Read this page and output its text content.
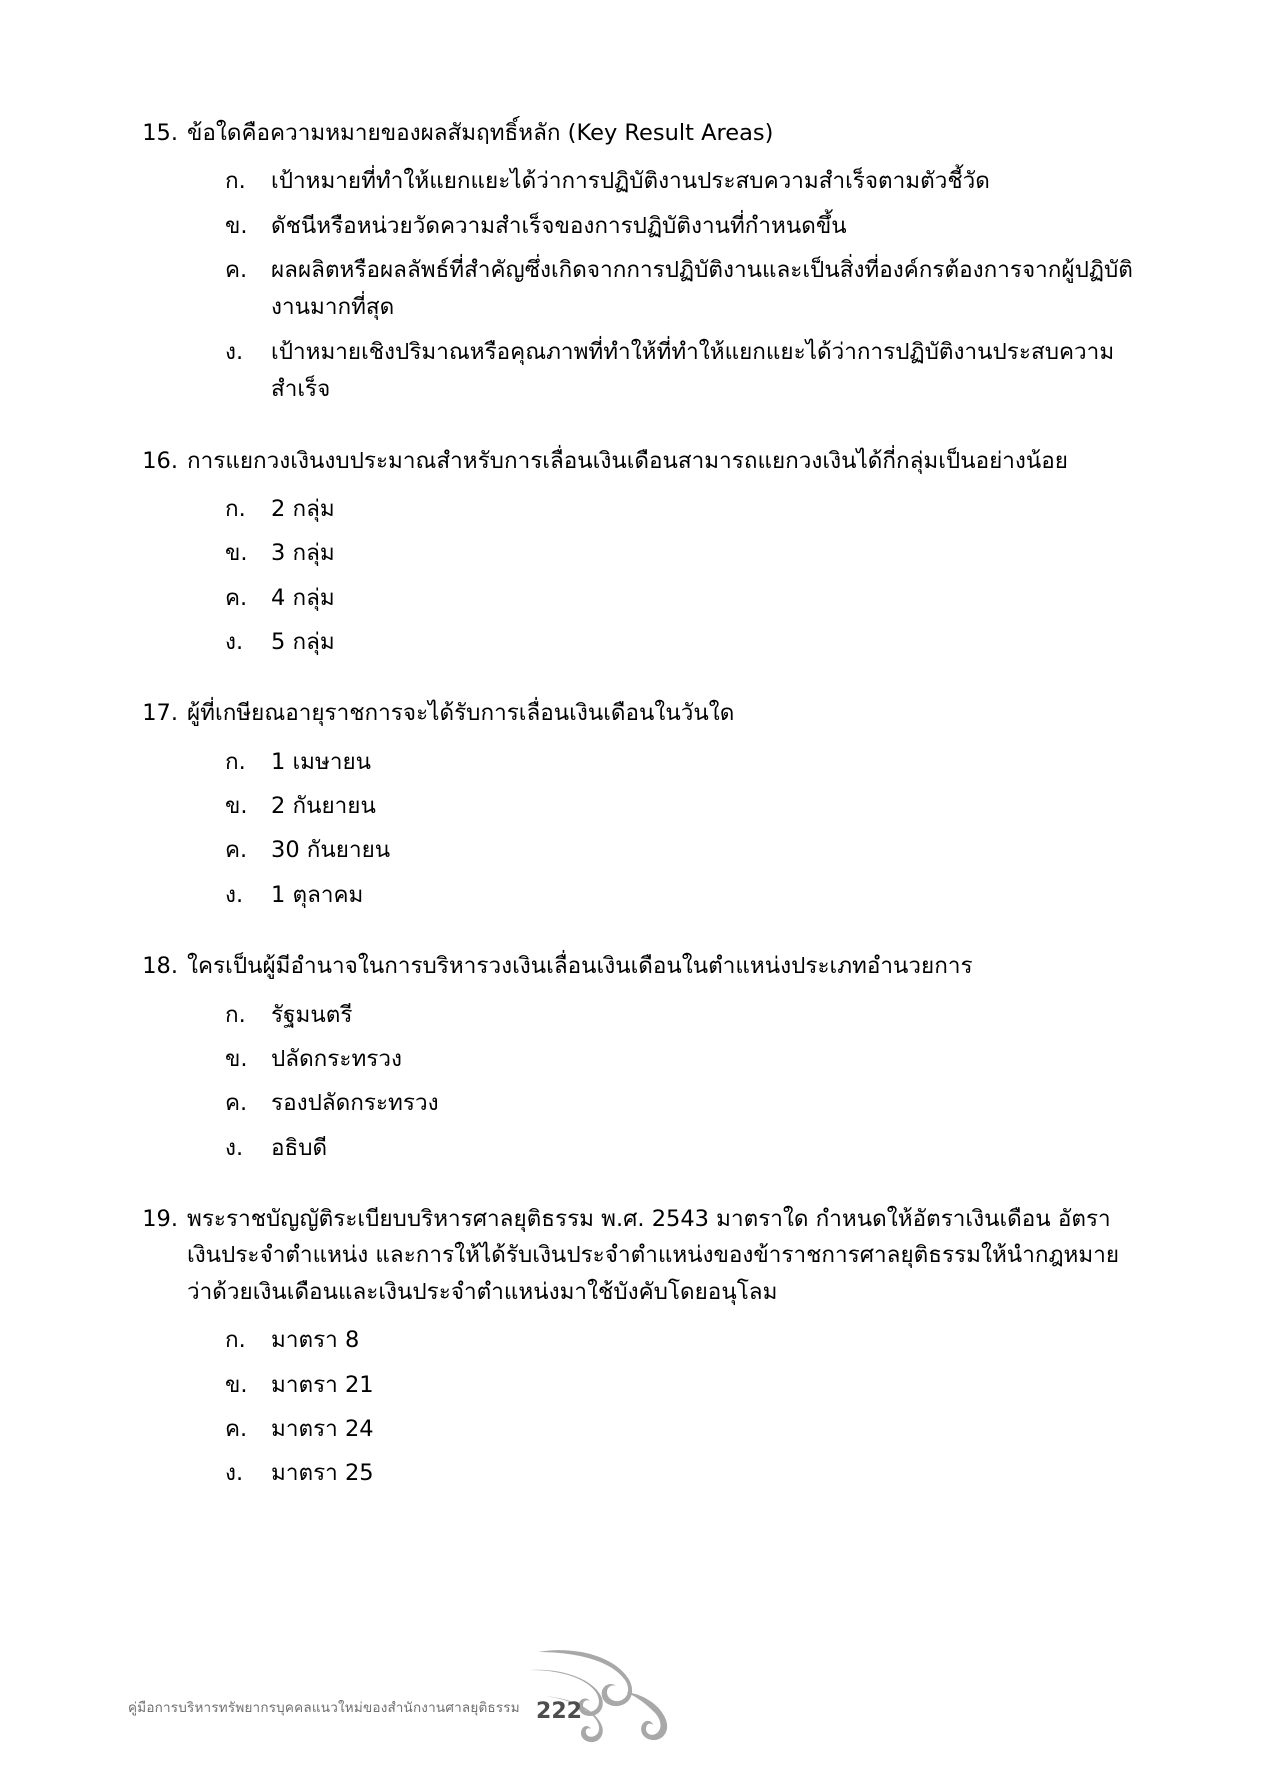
15. ข้อใดคือความหมายของผลสัมฤทธิ์หลัก (Key Result Areas)
ก.	เป้าหมายที่ทำให้แยกแยะได้ว่าการปฏิบัติงานประสบความสำเร็จตามตัวชี้วัด
ข.	ดัชนีหรือหน่วยวัดความสำเร็จของการปฏิบัติงานที่กำหนดขึ้น
ค.	ผลผลิตหรือผลลัพธ์ที่สำคัญซึ่งเกิดจากการปฏิบัติงานและเป็นสิ่งที่องค์กรต้องการจากผู้ปฏิบัติงานมากที่สุด
ง.	เป้าหมายเชิงปริมาณหรือคุณภาพที่ทำให้ที่ทำให้แยกแยะได้ว่าการปฏิบัติงานประสบความสำเร็จ
16. การแยกวงเงินงบประมาณสำหรับการเลื่อนเงินเดือนสามารถแยกวงเงินได้กี่กลุ่มเป็นอย่างน้อย
ก.	2 กลุ่ม
ข.	3 กลุ่ม
ค.	4 กลุ่ม
ง.	5 กลุ่ม
17. ผู้ที่เกษียณอายุราชการจะได้รับการเลื่อนเงินเดือนในวันใด
ก.	1 เมษายน
ข.	2 กันยายน
ค.	30 กันยายน
ง.	1 ตุลาคม
18. ใครเป็นผู้มีอำนาจในการบริหารวงเงินเลื่อนเงินเดือนในตำแหน่งประเภทอำนวยการ
ก.	รัฐมนตรี
ข.	ปลัดกระทรวง
ค.	รองปลัดกระทรวง
ง.	อธิบดี
19. พระราชบัญญัติระเบียบบริหารศาลยุติธรรม พ.ศ. 2543 มาตราใด กำหนดให้อัตราเงินเดือน อัตราเงินประจำตำแหน่ง และการให้ได้รับเงินประจำตำแหน่งของข้าราชการศาลยุติธรรมให้นำกฎหมายว่าด้วยเงินเดือนและเงินประจำตำแหน่งมาใช้บังคับโดยอนุโลม
ก.	มาตรา 8
ข.	มาตรา 21
ค.	มาตรา 24
ง.	มาตรา 25
คู่มือการบริหารทรัพยากรบุคคลแนวใหม่ของสำนักงานศาลยุติธรรม 222
